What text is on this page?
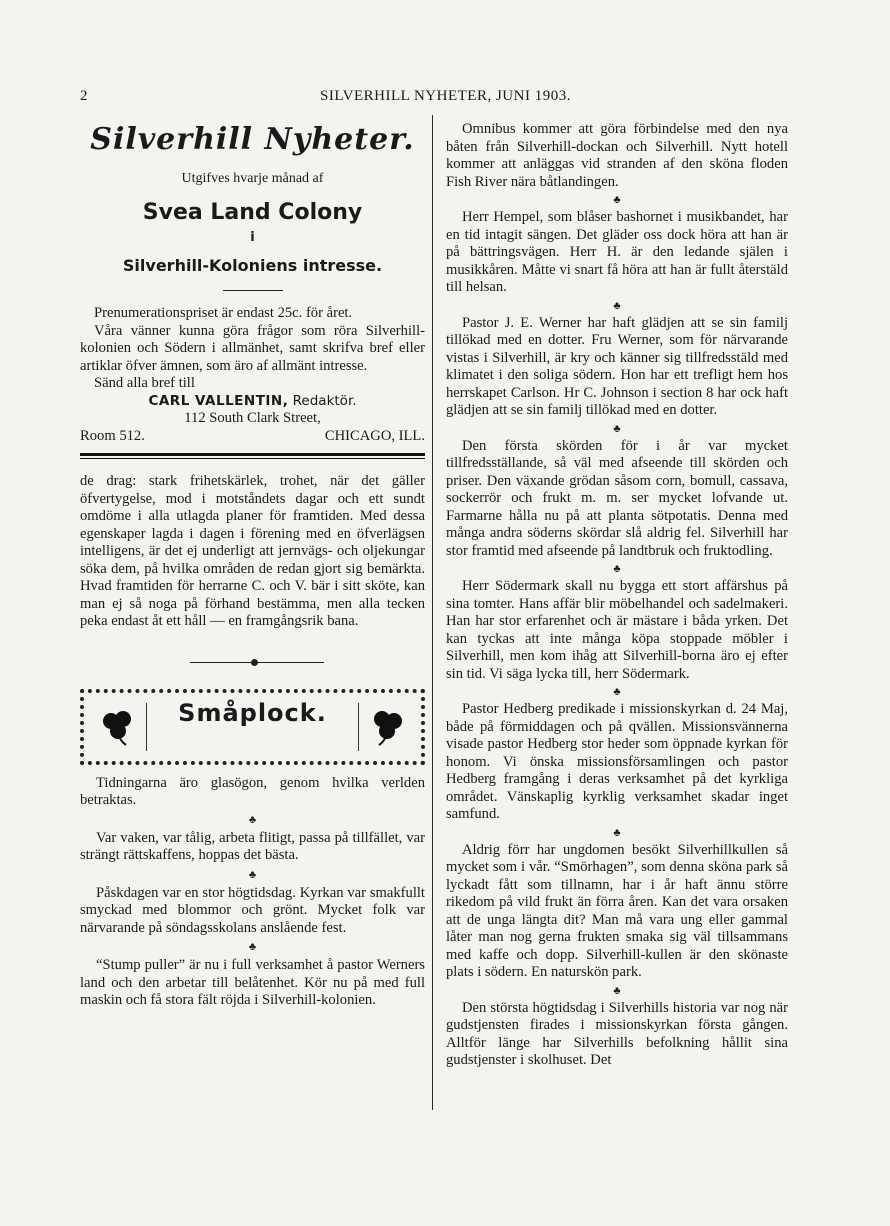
2	SILVERHILL NYHETER, JUNI 1903.
Silverhill Nyheter.
Utgifves hvarje månad af
Svea Land Colony
i
Silverhill-Koloniens intresse.

Prenumerationspriset är endast 25c. för året.

Våra vänner kunna göra frågor som röra Silverhill-kolonien och Södern i allmänhet, samt skrifva bref eller artiklar öfver ämnen, som äro af allmänt intresse.

Sänd alla bref till

CARL VALLENTIN, Redaktör.
112 South Clark Street,
Room 512.	CHICAGO, ILL.

de drag: stark frihetskärlek, trohet, när det gäller öfvertygelse, mod i motståndets dagar och ett sundt omdöme i alla utlagda planer för framtiden. Med dessa egenskaper lagda i dagen i förening med en öfverlägsen intelligens, är det ej underligt att jernvägs- och oljekungar söka dem, på hvilka områden de redan gjort sig bemärkta. Hvad framtiden för herrarne C. och V. bär i sitt sköte, kan man ej så noga på förhand bestämma, men alla tecken peka endast åt ett håll — en framgångsrik bana.

Småplock.

Tidningarna äro glasögon, genom hvilka verlden betraktas.

♣

Var vaken, var tålig, arbeta flitigt, passa på tillfället, var strängt rättskaffens, hoppas det bästa.

♣

Påskdagen var en stor högtidsdag. Kyrkan var smakfullt smyckad med blommor och grönt. Mycket folk var närvarande på söndagsskolans anslående fest.

♣

“Stump puller” är nu i full verksamhet å pastor Werners land och den arbetar till belåtenhet. Kör nu på med full maskin och få stora fält röjda i Silverhill-kolonien.

Omnibus kommer att göra förbindelse med den nya båten från Silverhill-dockan och Silverhill. Nytt hotell kommer att anläggas vid stranden af den sköna floden Fish River nära båtlandingen.

♣

Herr Hempel, som blåser bashornet i musikbandet, har en tid intagit sängen. Det gläder oss dock höra att han är på bättringsvägen. Herr H. är den ledande själen i musikkåren. Måtte vi snart få höra att han är fullt återstäld till helsan.

♣

Pastor J. E. Werner har haft glädjen att se sin familj tillökad med en dotter. Fru Werner, som för närvarande vistas i Silverhill, är kry och känner sig tillfredsstäld med klimatet i den soliga södern. Hon har ett trefligt hem hos herrskapet Carlson. Hr C. Johnson i section 8 har ock haft glädjen att se sin familj tillökad med en dotter.

♣

Den första skörden för i år var mycket tillfredsställande, så väl med afseende till skörden och priser. Den växande grödan såsom corn, bomull, cassava, sockerrör och frukt m. m. ser mycket lofvande ut. Farmarne hålla nu på att planta sötpotatis. Denna med många andra söderns skördar slå aldrig fel. Silverhill har stor framtid med afseende på landtbruk och fruktodling.

♣

Herr Södermark skall nu bygga ett stort affärshus på sina tomter. Hans affär blir möbelhandel och sadelmakeri. Han har stor erfarenhet och är mästare i båda yrken. Det kan tyckas att inte många köpa stoppade möbler i Silverhill, men kom ihåg att Silverhill-borna äro ej efter sin tid. Vi säga lycka till, herr Södermark.

♣

Pastor Hedberg predikade i missionskyrkan d. 24 Maj, både på förmiddagen och på qvällen. Missionsvännerna visade pastor Hedberg stor heder som öppnade kyrkan för honom. Vi önska missionsförsamlingen och pastor Hedberg framgång i deras verksamhet på det kyrkliga området. Vänskaplig kyrklig verksamhet skadar inget samfund.

♣

Aldrig förr har ungdomen besökt Silverhillkullen så mycket som i vår. “Smörhagen”, som denna sköna park så lyckadt fått som tillnamn, har i år haft ännu större rikedom på vild frukt än förra åren. Kan det vara orsaken att de unga längta dit? Man må vara ung eller gammal låter man nog gerna frukten smaka sig väl tillsammans med kaffe och dopp. Silverhill-kullen är den skönaste plats i södern. En naturskön park.

♣

Den största högtidsdag i Silverhills historia var nog när gudstjensten firades i missionskyrkan första gången. Alltför länge har Silverhills befolkning hållit sina gudstjenster i skolhuset. Det
